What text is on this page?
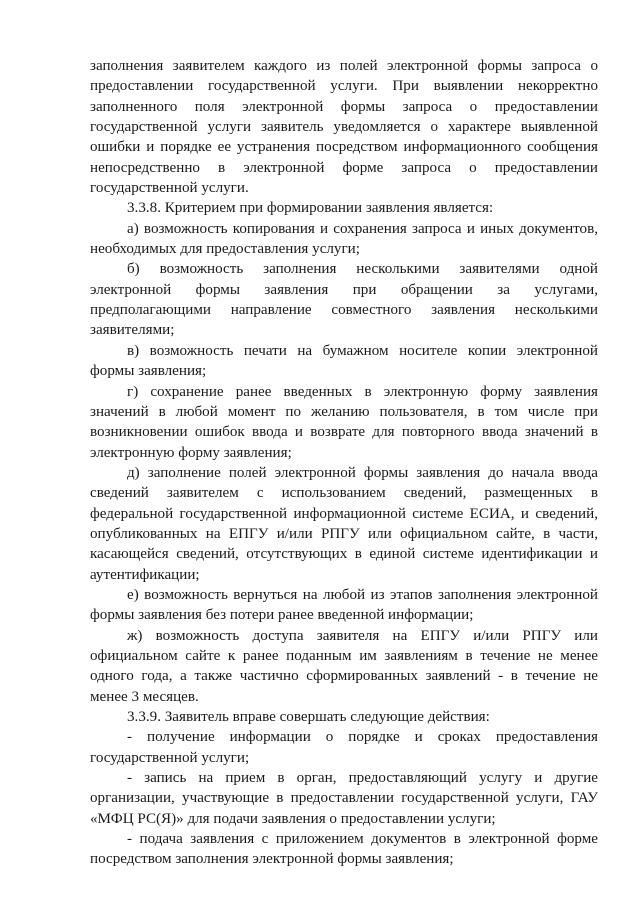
заполнения заявителем каждого из полей электронной формы запроса о предоставлении государственной услуги. При выявлении некорректно заполненного поля электронной формы запроса о предоставлении государственной услуги заявитель уведомляется о характере выявленной ошибки и порядке ее устранения посредством информационного сообщения непосредственно в электронной форме запроса о предоставлении государственной услуги.

3.3.8. Критерием при формировании заявления является:

а) возможность копирования и сохранения запроса и иных документов, необходимых для предоставления услуги;

б) возможность заполнения несколькими заявителями одной электронной формы заявления при обращении за услугами, предполагающими направление совместного заявления несколькими заявителями;

в) возможность печати на бумажном носителе копии электронной формы заявления;

г) сохранение ранее введенных в электронную форму заявления значений в любой момент по желанию пользователя, в том числе при возникновении ошибок ввода и возврате для повторного ввода значений в электронную форму заявления;

д) заполнение полей электронной формы заявления до начала ввода сведений заявителем с использованием сведений, размещенных в федеральной государственной информационной системе ЕСИА, и сведений, опубликованных на ЕПГУ и/или РПГУ или официальном сайте, в части, касающейся сведений, отсутствующих в единой системе идентификации и аутентификации;

е) возможность вернуться на любой из этапов заполнения электронной формы заявления без потери ранее введенной информации;

ж) возможность доступа заявителя на ЕПГУ и/или РПГУ или официальном сайте к ранее поданным им заявлениям в течение не менее одного года, а также частично сформированных заявлений - в течение не менее 3 месяцев.

3.3.9. Заявитель вправе совершать следующие действия:

- получение информации о порядке и сроках предоставления государственной услуги;

- запись на прием в орган, предоставляющий услугу и другие организации, участвующие в предоставлении государственной услуги, ГАУ «МФЦ РС(Я)» для подачи заявления о предоставлении услуги;

- подача заявления с приложением документов в электронной форме посредством заполнения электронной формы заявления;
